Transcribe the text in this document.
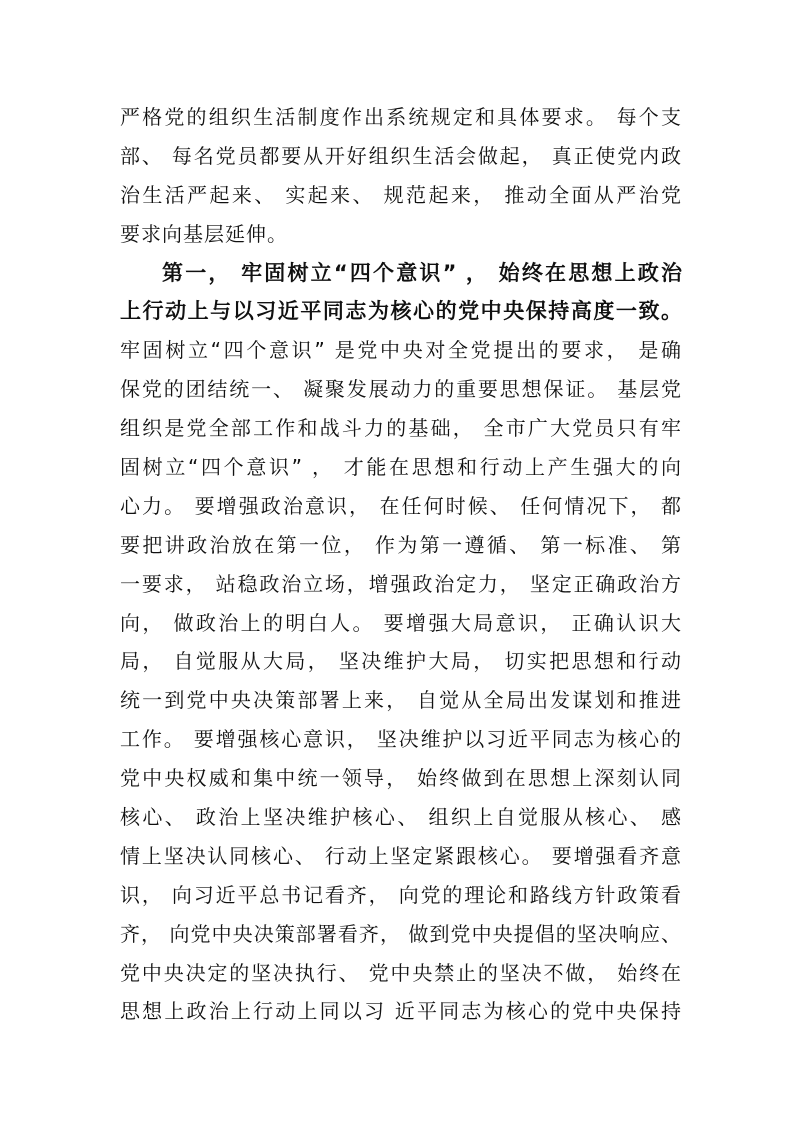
严格党的组织生活制度作出系统规定和具体要求。 每个支
部、 每名党员都要从开好组织生活会做起， 真正使党内政
治生活严起来、 实起来、 规范起来， 推动全面从严治党
要求向基层延伸。
第一， 牢固树立“四个意识” ， 始终在思想上政治
上行动上与以习近平同志为核心的党中央保持高度一致。
牢固树立“四个意识” 是党中央对全党提出的要求， 是确
保党的团结统一、 凝聚发展动力的重要思想保证。 基层党
组织是党全部工作和战斗力的基础， 全市广大党员只有牢
固树立“四个意识” ， 才能在思想和行动上产生强大的向
心力。 要增强政治意识， 在任何时候、 任何情况下， 都
要把讲政治放在第一位， 作为第一遵循、 第一标准、 第
一要求， 站稳政治立场，增强政治定力， 坚定正确政治方
向， 做政治上的明白人。 要增强大局意识， 正确认识大
局， 自觉服从大局， 坚决维护大局， 切实把思想和行动
统一到党中央决策部署上来， 自觉从全局出发谋划和推进
工作。 要增强核心意识， 坚决维护以习近平同志为核心的
党中央权威和集中统一领导， 始终做到在思想上深刻认同
核心、 政治上坚决维护核心、 组织上自觉服从核心、 感
情上坚决认同核心、 行动上坚定紧跟核心。 要增强看齐意
识， 向习近平总书记看齐， 向党的理论和路线方针政策看
齐， 向党中央决策部署看齐， 做到党中央提倡的坚决响应、
党中央决定的坚决执行、 党中央禁止的坚决不做， 始终在
思想上政治上行动上同以习 近平同志为核心的党中央保持
